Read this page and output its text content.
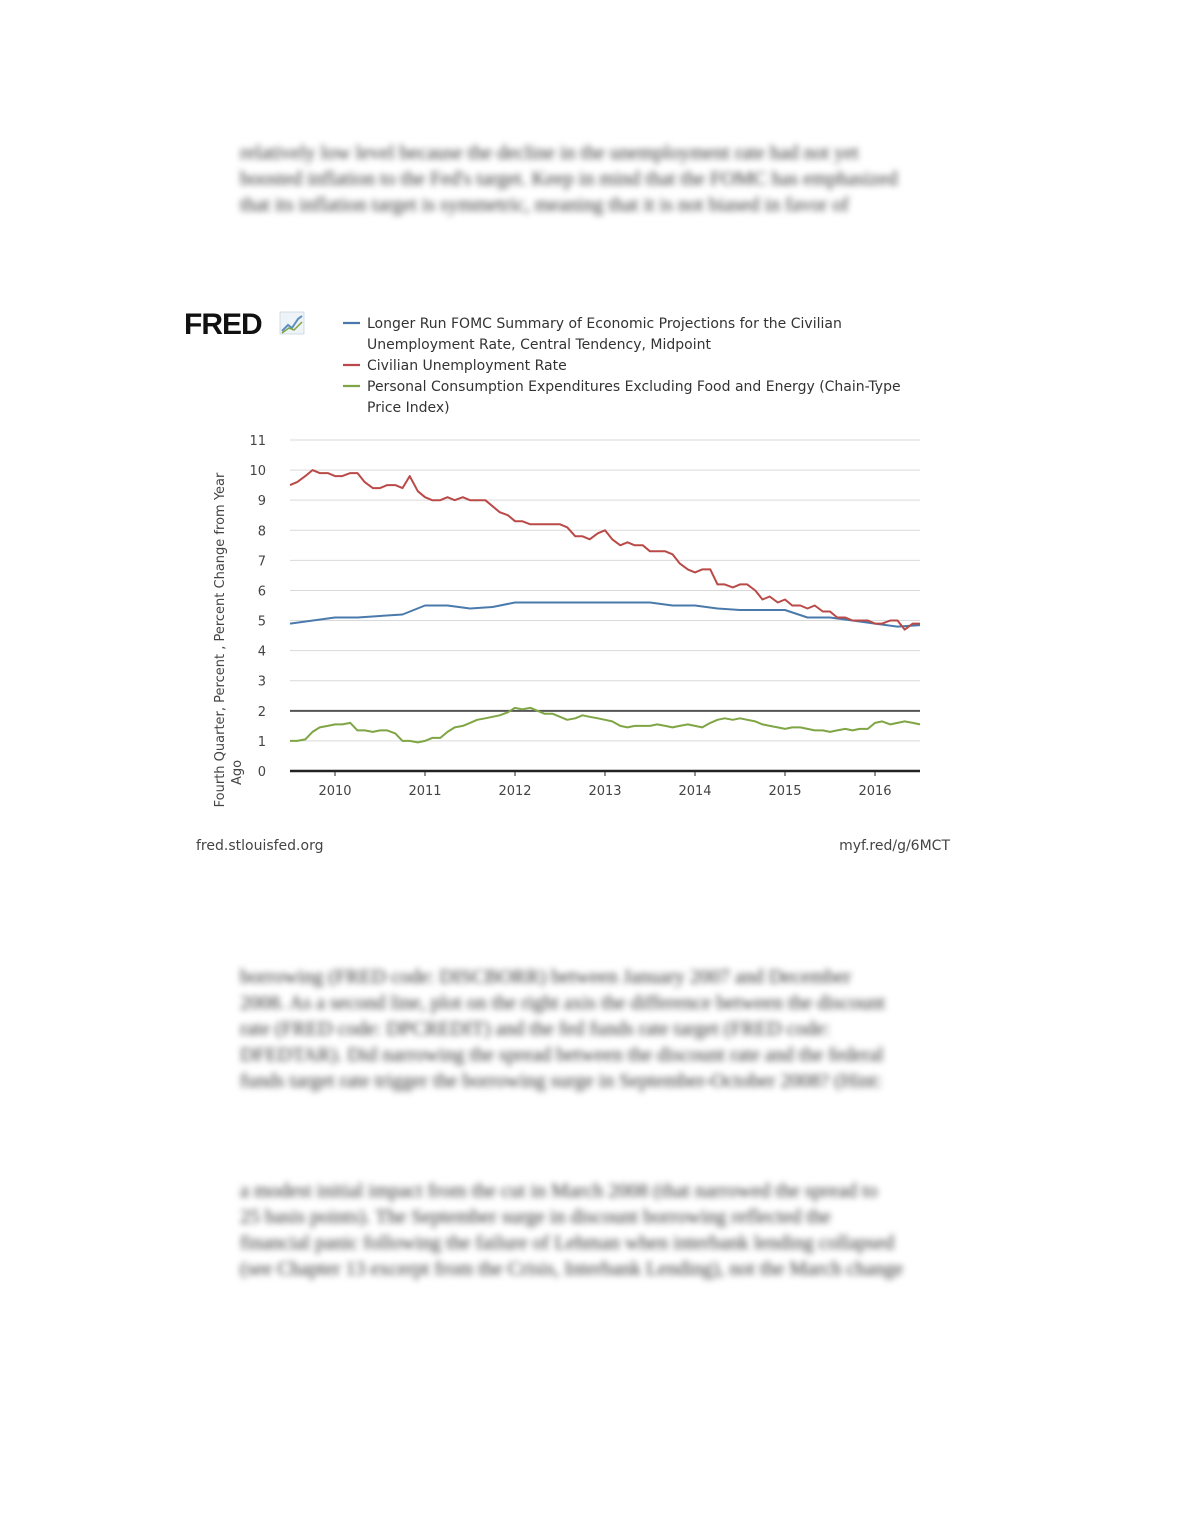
relatively low level because the decline in the unemployment rate had not yet
boosted inflation to the Fed's target. Keep in mind that the FOMC has emphasized
that its inflation target is symmetric, meaning that it is not biased in favor of
FRED	Longer Run FOMC Summary of Economic Projections for the Civilian
Unemployment Rate, Central Tendency, Midpoint
Civilian Unemployment Rate
Personal Consumption Expenditures Excluding Food and Energy (Chain-Type
Price Index)
0
1
2
3
4
5
6
7
8
9
10
11
2010	2011	2012	2013	2014	2015	2016
Fourth Quarter, Percent , Percent Change from Year Ago
fred.stlouisfed.org	myf.red/g/6MCT
borrowing (FRED code: DISCBORR) between January 2007 and December
2008. As a second line, plot on the right axis the difference between the discount
rate (FRED code: DPCREDIT) and the fed funds rate target (FRED code:
DFEDTAR). Did narrowing the spread between the discount rate and the federal
funds target rate trigger the borrowing surge in September-October 2008? (Hint:
a modest initial impact from the cut in March 2008 (that narrowed the spread to
25 basis points). The September surge in discount borrowing reflected the
financial panic following the failure of Lehman when interbank lending collapsed
(see Chapter 13 excerpt from the Crisis, Interbank Lending), not the March change
